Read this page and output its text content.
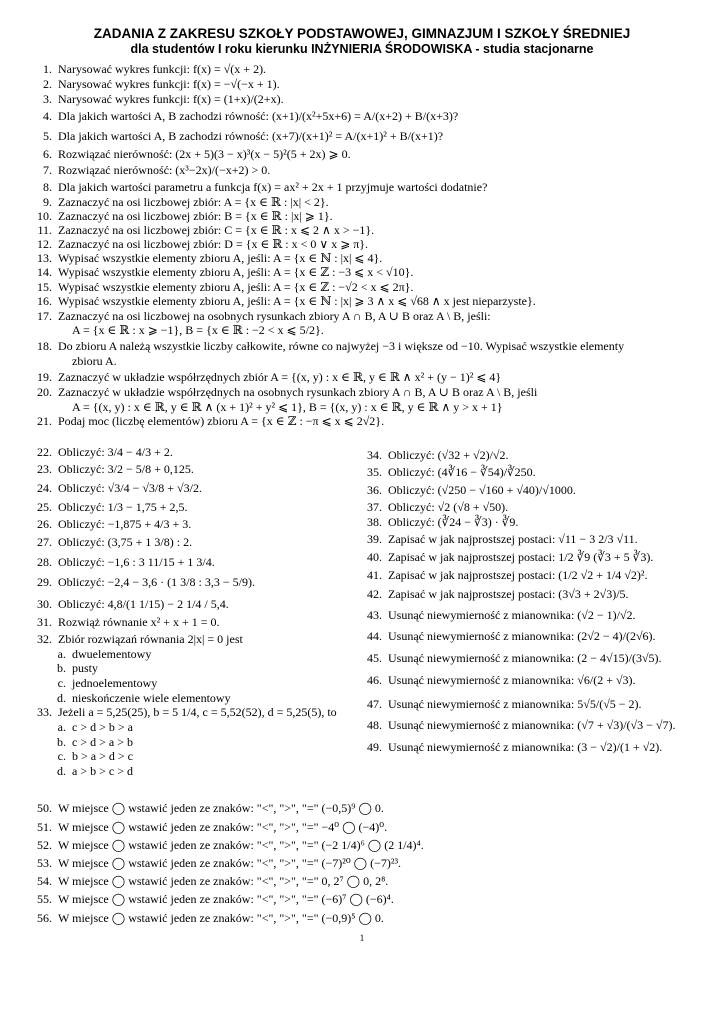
ZADANIA Z ZAKRESU SZKOŁY PODSTAWOWEJ, GIMNAZJUM I SZKOŁY ŚREDNIEJ
dla studentów I roku kierunku INŻYNIERIA ŚRODOWISKA - studia stacjonarne
1. Narysować wykres funkcji: f(x) = √(x + 2).
2. Narysować wykres funkcji: f(x) = −√(−x + 1).
3. Narysować wykres funkcji: f(x) = (1+x)/(2+x).
4. Dla jakich wartości A, B zachodzi równość: (x+1)/(x²+5x+6) = A/(x+2) + B/(x+3)?
5. Dla jakich wartości A, B zachodzi równość: (x+7)/(x+1)² = A/(x+1)² + B/(x+1)?
6. Rozwiązać nierówność: (2x + 5)(3 − x)³(x − 5)²(5 + 2x) ⩾ 0.
7. Rozwiązać nierówność: (x³−2x)/(−x+2) > 0.
8. Dla jakich wartości parametru a funkcja f(x) = ax² + 2x + 1 przyjmuje wartości dodatnie?
9. Zaznaczyć na osi liczbowej zbiór: A = {x ∈ ℝ : |x| < 2}.
10. Zaznaczyć na osi liczbowej zbiór: B = {x ∈ ℝ : |x| ⩾ 1}.
11. Zaznaczyć na osi liczbowej zbiór: C = {x ∈ ℝ : x ⩽ 2 ∧ x > −1}.
12. Zaznaczyć na osi liczbowej zbiór: D = {x ∈ ℝ : x < 0 ∨ x ⩾ π}.
13. Wypisać wszystkie elementy zbioru A, jeśli: A = {x ∈ ℕ : |x| ⩽ 4}.
14. Wypisać wszystkie elementy zbioru A, jeśli: A = {x ∈ ℤ : −3 ⩽ x < √10}.
15. Wypisać wszystkie elementy zbioru A, jeśli: A = {x ∈ ℤ : −√2 < x ⩽ 2π}.
16. Wypisać wszystkie elementy zbioru A, jeśli: A = {x ∈ ℕ : |x| ⩾ 3 ∧ x ⩽ √68 ∧ x jest nieparzyste}.
17. Zaznaczyć na osi liczbowej na osobnych rysunkach zbiory A ∩ B, A ∪ B oraz A \ B, jeśli:
A = {x ∈ ℝ : x ⩾ −1}, B = {x ∈ ℝ : −2 < x ⩽ 5/2}.
18. Do zbioru A należą wszystkie liczby całkowite, równe co najwyżej −3 i większe od −10. Wypisać wszystkie elementy
zbioru A.
19. Zaznaczyć w układzie współrzędnych zbiór A = {(x, y) : x ∈ ℝ, y ∈ ℝ ∧ x² + (y − 1)² ⩽ 4}
20. Zaznaczyć w układzie współrzędnych na osobnych rysunkach zbiory A ∩ B, A ∪ B oraz A \ B, jeśli
A = {(x, y) : x ∈ ℝ, y ∈ ℝ ∧ (x + 1)² + y² ⩽ 1}, B = {(x, y) : x ∈ ℝ, y ∈ ℝ ∧ y > x + 1}
21. Podaj moc (liczbę elementów) zbioru A = {x ∈ ℤ : −π ⩽ x ⩽ 2√2}.
22. Obliczyć: 3/4 − 4/3 + 2.
23. Obliczyć: 3/2 − 5/8 + 0,125.
24. Obliczyć: √3/4 − √3/8 + √3/2.
25. Obliczyć: 1/3 − 1,75 + 2,5.
26. Obliczyć: −1,875 + 4/3 + 3.
27. Obliczyć: (3,75 + 1 3/8) : 2.
28. Obliczyć: −1,6 : 3 11/15 + 1 3/4.
29. Obliczyć: −2,4 − 3,6 · (1 3/8 : 3,3 − 5/9).
30. Obliczyć: 4,8/(1 1/15) − 2 1/4 / 5,4.
31. Rozwiąż równanie x² + x + 1 = 0.
32. Zbiór rozwiązań równania 2|x| = 0 jest
a. dwuelementowy
b. pusty
c. jednoelementowy
d. nieskończenie wiele elementowy
33. Jeżeli a = 5,25(25), b = 5 1/4, c = 5,52(52), d = 5,25(5), to
a. c > d > b > a
b. c > d > a > b
c. b > a > d > c
d. a > b > c > d
34. Obliczyć: (√32 + √2)/√2.
35. Obliczyć: (4∛16 − ∛54)/∛250.
36. Obliczyć: (√250 − √160 + √40)/√1000.
37. Obliczyć: √2 (√8 + √50).
38. Obliczyć: (∛24 − ∛3) · ∛9.
39. Zapisać w jak najprostszej postaci: √11 − 3 2/3 √11.
40. Zapisać w jak najprostszej postaci: 1/2 ∛9 (∛3 + 5 ∛3).
41. Zapisać w jak najprostszej postaci: (1/2 √2 + 1/4 √2)².
42. Zapisać w jak najprostszej postaci: (3√3 + 2√3)/5.
43. Usunąć niewymierność z mianownika: (√2 − 1)/√2.
44. Usunąć niewymierność z mianownika: (2√2 − 4)/(2√6).
45. Usunąć niewymierność z mianownika: (2 − 4√15)/(3√5).
46. Usunąć niewymierność z mianownika: √6/(2 + √3).
47. Usunąć niewymierność z mianownika: 5√5/(√5 − 2).
48. Usunąć niewymierność z mianownika: (√7 + √3)/(√3 − √7).
49. Usunąć niewymierność z mianownika: (3 − √2)/(1 + √2).
50. W miejsce ◯ wstawić jeden ze znaków: "<", ">", "=" (−0,5)⁹ ◯ 0.
51. W miejsce ◯ wstawić jeden ze znaków: "<", ">", "=" −4⁰ ◯ (−4)⁰.
52. W miejsce ◯ wstawić jeden ze znaków: "<", ">", "=" (−2 1/4)⁶ ◯ (2 1/4)⁴.
53. W miejsce ◯ wstawić jeden ze znaków: "<", ">", "=" (−7)²⁰ ◯ (−7)²³.
54. W miejsce ◯ wstawić jeden ze znaków: "<", ">", "=" 0, 2⁷ ◯ 0, 2⁸.
55. W miejsce ◯ wstawić jeden ze znaków: "<", ">", "=" (−6)⁷ ◯ (−6)⁴.
56. W miejsce ◯ wstawić jeden ze znaków: "<", ">", "=" (−0,9)⁵ ◯ 0.
1
